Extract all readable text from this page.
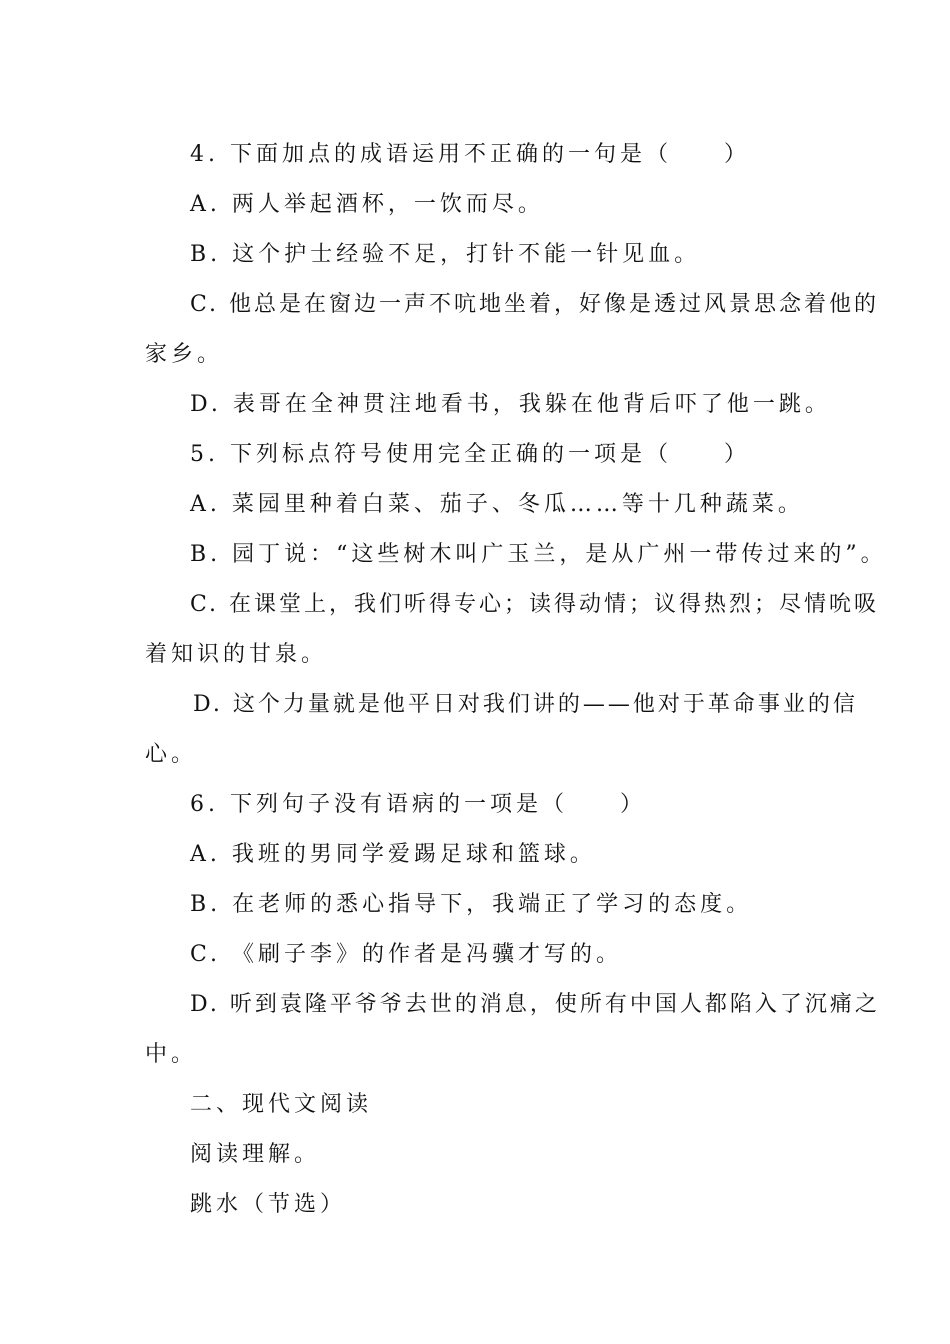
4. 下面加点的成语运用不正确的一句是（　　）
A. 两人举起酒杯，一饮而尽。
B. 这个护士经验不足，打针不能一针见血。
C. 他总是在窗边一声不吭地坐着，好像是透过风景思念着他的
家乡。
D. 表哥在全神贯注地看书，我躲在他背后吓了他一跳。
5. 下列标点符号使用完全正确的一项是（　　）
A. 菜园里种着白菜、茄子、冬瓜……等十几种蔬菜。
B. 园丁说：“这些树木叫广玉兰，是从广州一带传过来的”。
C. 在课堂上，我们听得专心；读得动情；议得热烈；尽情吮吸
着知识的甘泉。
D. 这个力量就是他平日对我们讲的——他对于革命事业的信
心。
6. 下列句子没有语病的一项是（　　）
A. 我班的男同学爱踢足球和篮球。
B. 在老师的悉心指导下，我端正了学习的态度。
C. 《刷子李》的作者是冯骥才写的。
D. 听到袁隆平爷爷去世的消息，使所有中国人都陷入了沉痛之
中。
二、现代文阅读
阅读理解。
跳水（节选）
